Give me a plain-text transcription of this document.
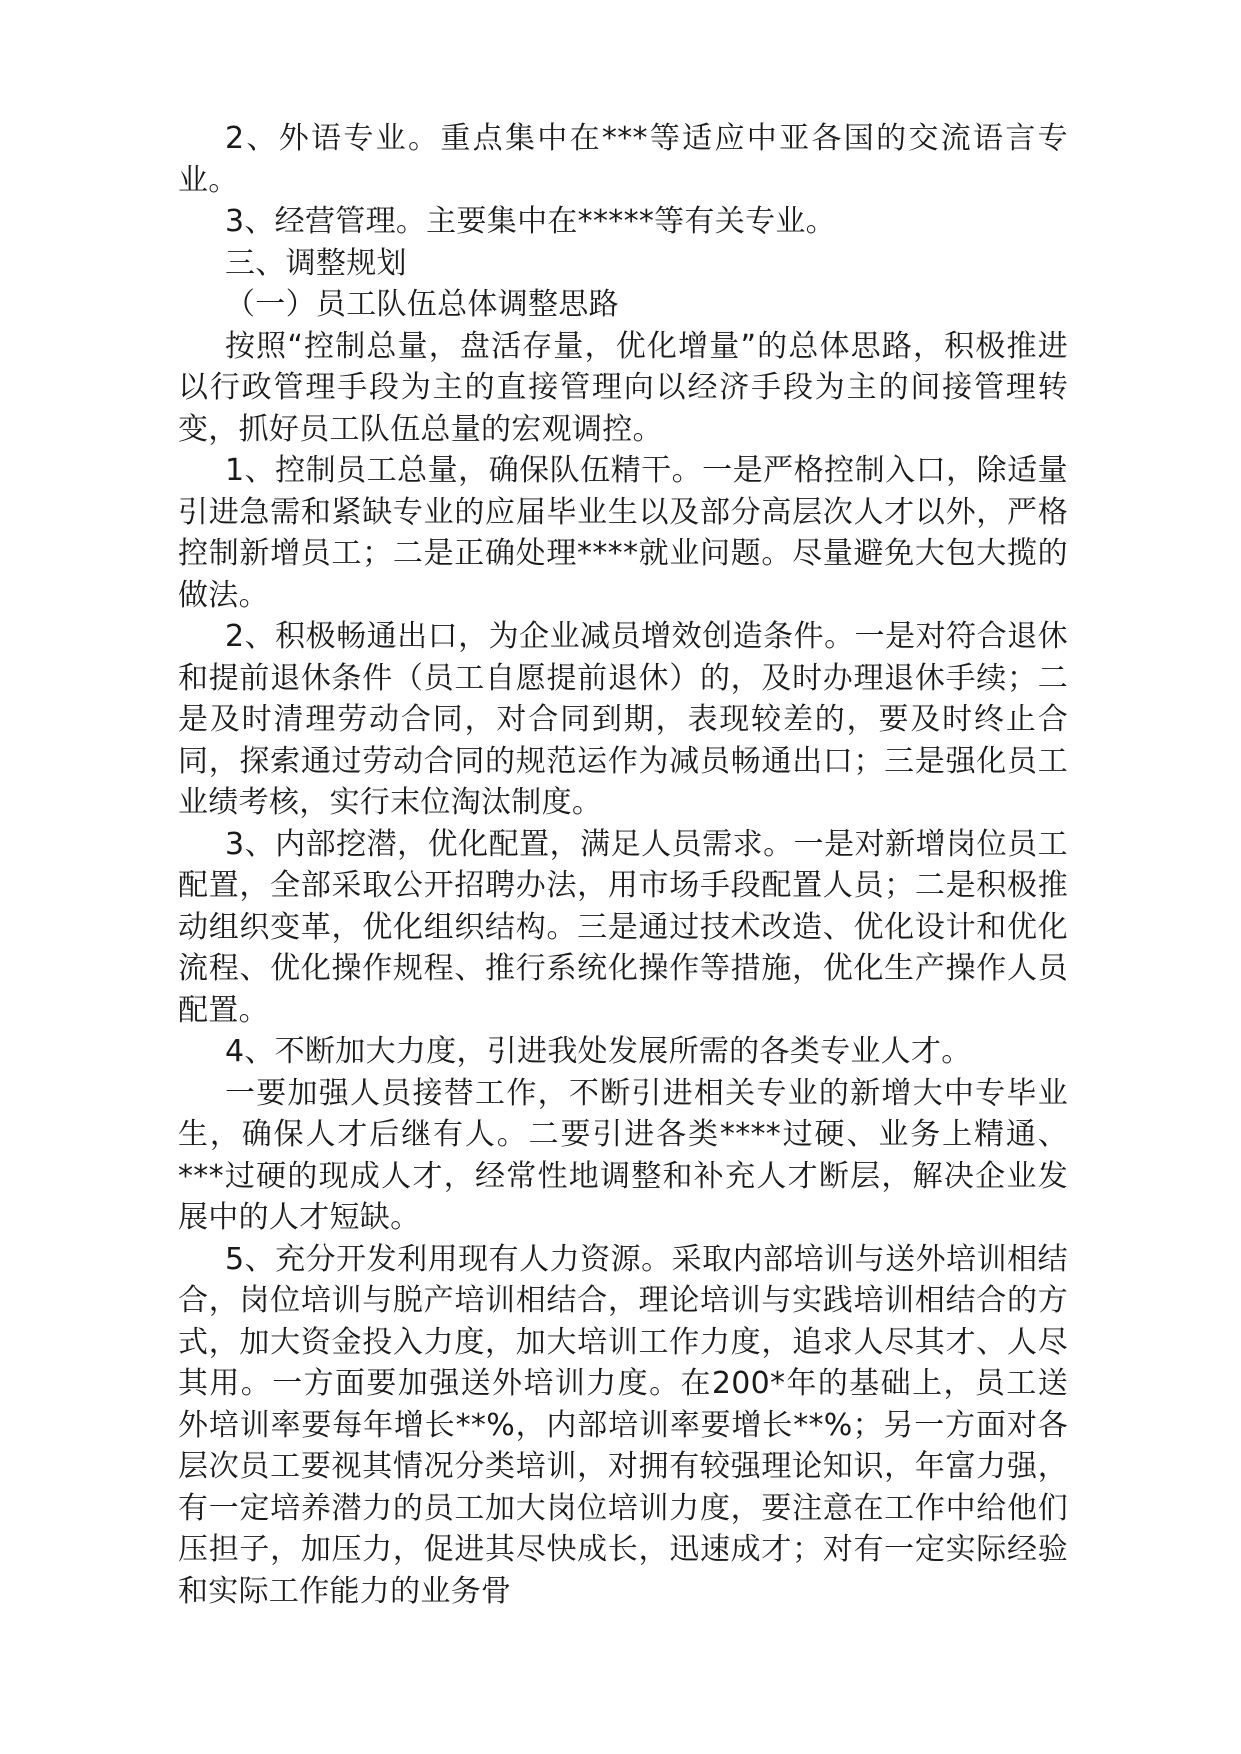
2、外语专业。重点集中在***等适应中亚各国的交流语言专业。

3、经营管理。主要集中在*****等有关专业。

三、调整规划

（一）员工队伍总体调整思路

按照“控制总量，盘活存量，优化增量”的总体思路，积极推进以行政管理手段为主的直接管理向以经济手段为主的间接管理转变，抓好员工队伍总量的宏观调控。

1、控制员工总量，确保队伍精干。一是严格控制入口，除适量引进急需和紧缺专业的应届毕业生以及部分高层次人才以外，严格控制新增员工；二是正确处理****就业问题。尽量避免大包大揽的做法。

2、积极畅通出口，为企业减员增效创造条件。一是对符合退休和提前退休条件（员工自愿提前退休）的，及时办理退休手续；二是及时清理劳动合同，对合同到期，表现较差的，要及时终止合同，探索通过劳动合同的规范运作为减员畅通出口；三是强化员工业绩考核，实行末位淘汰制度。

3、内部挖潜，优化配置，满足人员需求。一是对新增岗位员工配置，全部采取公开招聘办法，用市场手段配置人员；二是积极推动组织变革，优化组织结构。三是通过技术改造、优化设计和优化流程、优化操作规程、推行系统化操作等措施，优化生产操作人员配置。

4、不断加大力度，引进我处发展所需的各类专业人才。

一要加强人员接替工作，不断引进相关专业的新增大中专毕业生，确保人才后继有人。二要引进各类****过硬、业务上精通、***过硬的现成人才，经常性地调整和补充人才断层，解决企业发展中的人才短缺。

5、充分开发利用现有人力资源。采取内部培训与送外培训相结合，岗位培训与脱产培训相结合，理论培训与实践培训相结合的方式，加大资金投入力度，加大培训工作力度，追求人尽其才、人尽其用。一方面要加强送外培训力度。在200*年的基础上，员工送外培训率要每年增长**%，内部培训率要增长**%；另一方面对各层次员工要视其情况分类培训，对拥有较强理论知识，年富力强，有一定培养潜力的员工加大岗位培训力度，要注意在工作中给他们压担子，加压力，促进其尽快成长，迅速成才；对有一定实际经验和实际工作能力的业务骨
